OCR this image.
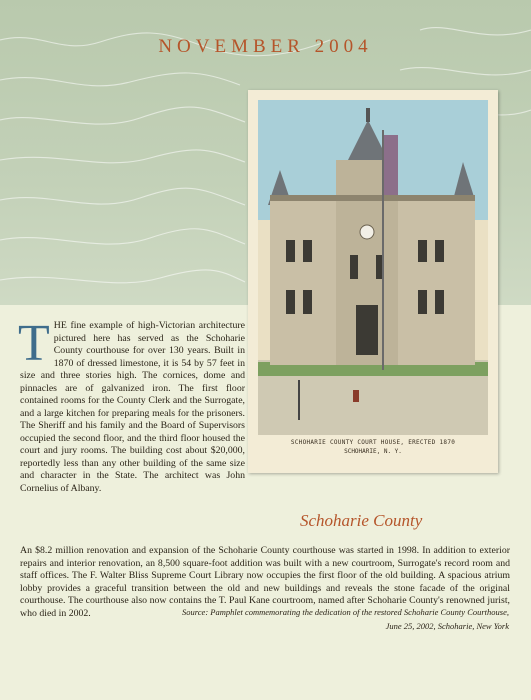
NOVEMBER 2004
SCHOHARIE COUNTY COURT HOUSE, ERECTED 1870
SCHOHARIE, N. Y.
Schoharie County
THE fine example of high-Victorian architecture pictured here has served as the Schoharie County courthouse for over 130 years. Built in 1870 of dressed limestone, it is 54 by 57 feet in size and three stories high. The cornices, dome and pinnacles are of galvanized iron. The first floor contained rooms for the County Clerk and the Surrogate, and a large kitchen for preparing meals for the prisoners. The Sheriff and his family and the Board of Supervisors occupied the second floor, and the third floor housed the court and jury rooms. The building cost about $20,000, reportedly less than any other building of the same size and character in the State. The architect was John Cornelius of Albany.
An $8.2 million renovation and expansion of the Schoharie County courthouse was started in 1998. In addition to exterior repairs and interior renovation, an 8,500 square-foot addition was built with a new courtroom, Surrogate's record room and staff offices. The F. Walter Bliss Supreme Court Library now occupies the first floor of the old building. A spacious atrium lobby provides a graceful transition between the old and new buildings and reveals the stone facade of the original courthouse. The courthouse also now contains the T. Paul Kane courtroom, named after Schoharie County's renowned jurist, who died in 2002.	Source: Pamphlet commemorating the dedication of the restored Schoharie County Courthouse,
June 25, 2002, Schoharie, New York
